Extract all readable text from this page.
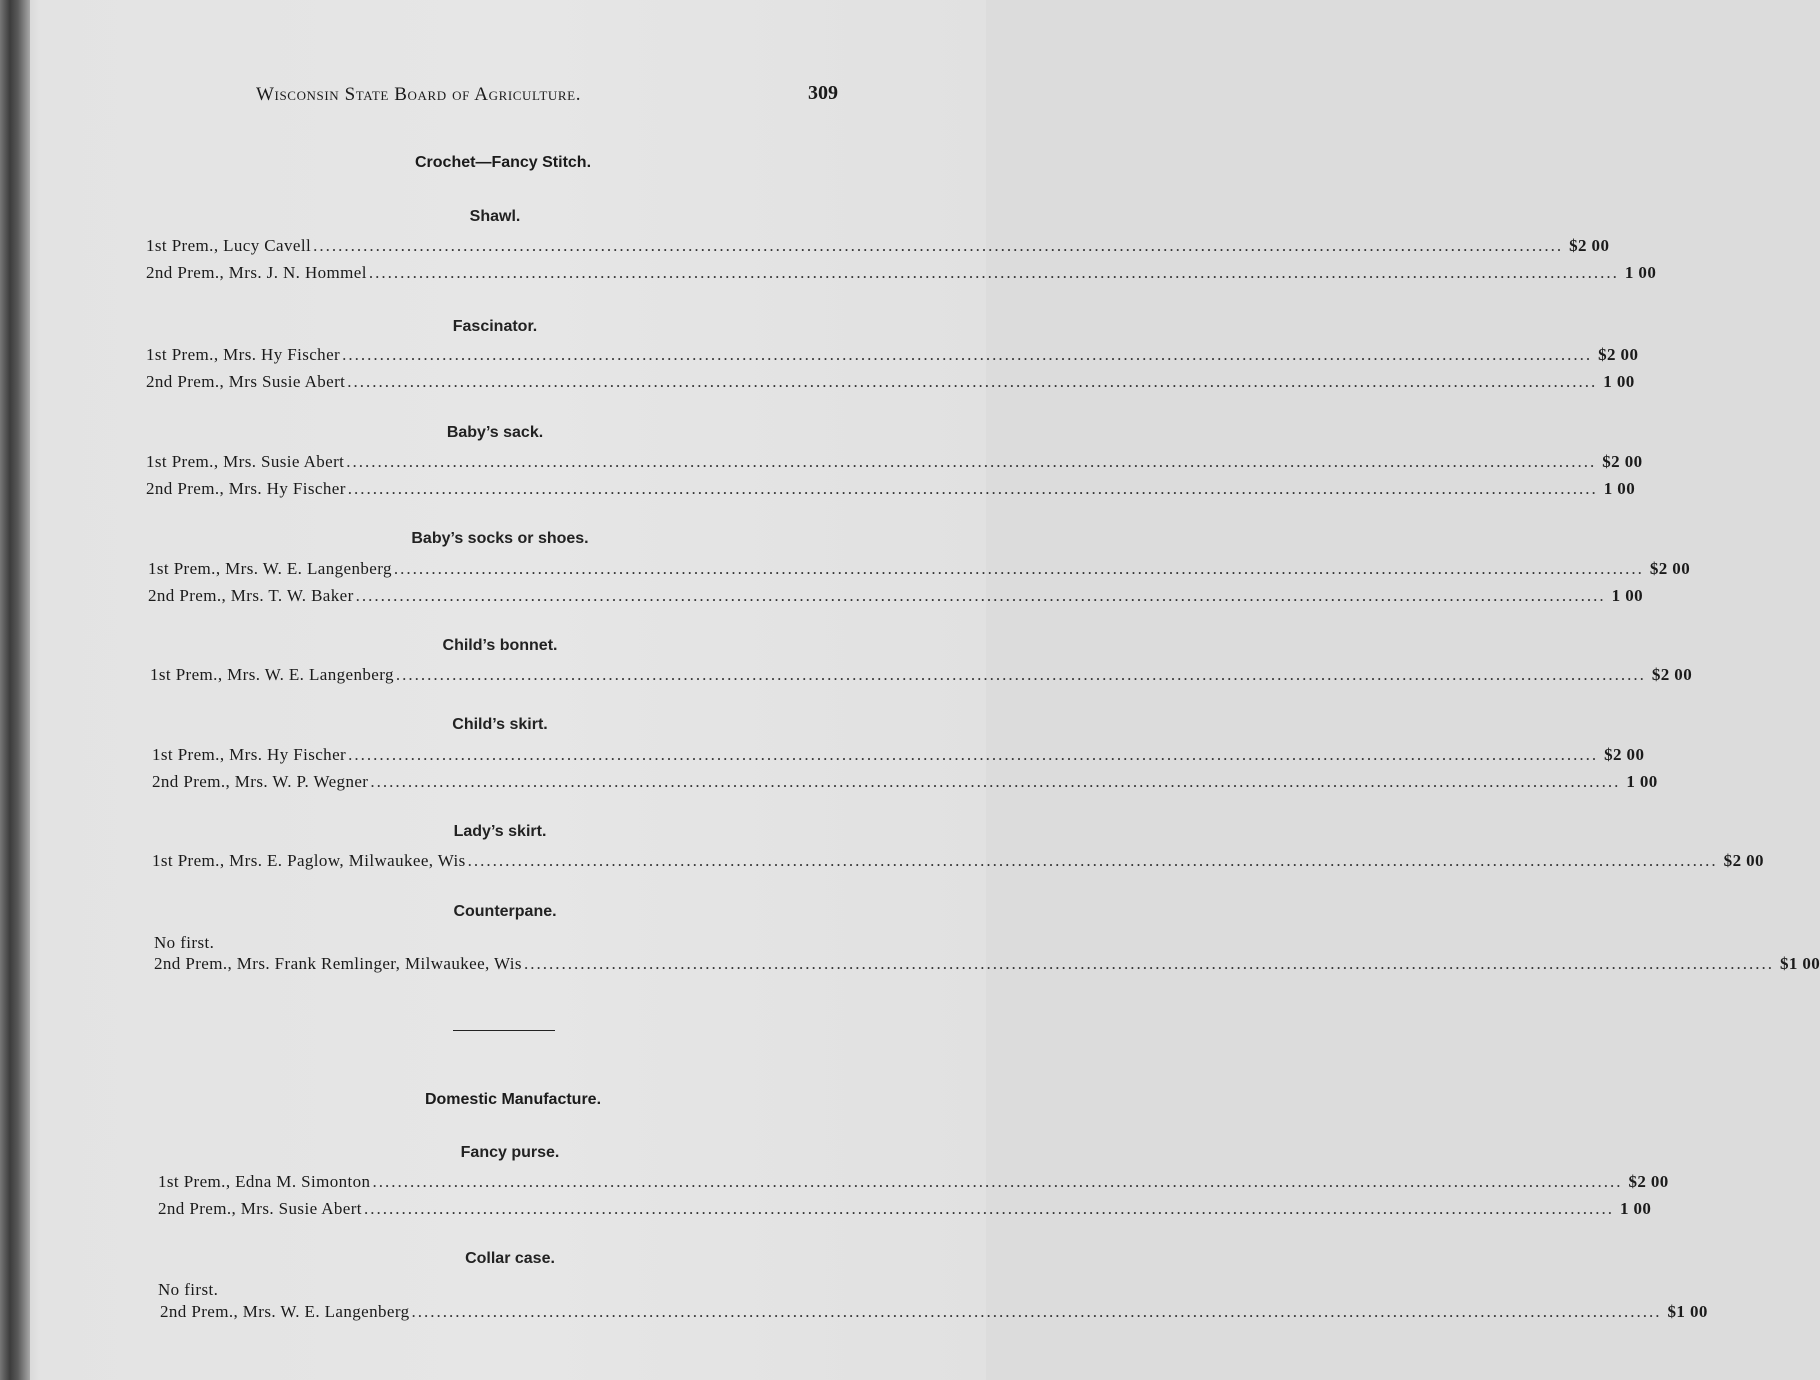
Wisconsin State Board of Agriculture.	309
Crochet—Fancy Stitch.
Shawl.
1st Prem., Lucy Cavell ........................................................................................................................................................................................................ $2 00
2nd Prem., Mrs. J. N. Hommel ........................................................................................................................................................................................................ 1 00
Fascinator.
1st Prem., Mrs. Hy Fischer ........................................................................................................................................................................................................ $2 00
2nd Prem., Mrs Susie Abert ........................................................................................................................................................................................................ 1 00
Baby’s sack.
1st Prem., Mrs. Susie Abert ........................................................................................................................................................................................................ $2 00
2nd Prem., Mrs. Hy Fischer ........................................................................................................................................................................................................ 1 00
Baby’s socks or shoes.
1st Prem., Mrs. W. E. Langenberg ........................................................................................................................................................................................................ $2 00
2nd Prem., Mrs. T. W. Baker ........................................................................................................................................................................................................ 1 00
Child’s bonnet.
1st Prem., Mrs. W. E. Langenberg ........................................................................................................................................................................................................ $2 00
Child’s skirt.
1st Prem., Mrs. Hy Fischer ........................................................................................................................................................................................................ $2 00
2nd Prem., Mrs. W. P. Wegner ........................................................................................................................................................................................................ 1 00
Lady’s skirt.
1st Prem., Mrs. E. Paglow, Milwaukee, Wis ........................................................................................................................................................................................................ $2 00
Counterpane.
No first.
2nd Prem., Mrs. Frank Remlinger, Milwaukee, Wis ........................................................................................................................................................................................................ $1 00
Domestic Manufacture.
Fancy purse.
1st Prem., Edna M. Simonton ........................................................................................................................................................................................................ $2 00
2nd Prem., Mrs. Susie Abert ........................................................................................................................................................................................................ 1 00
Collar case.
No first.
2nd Prem., Mrs. W. E. Langenberg ........................................................................................................................................................................................................ $1 00
